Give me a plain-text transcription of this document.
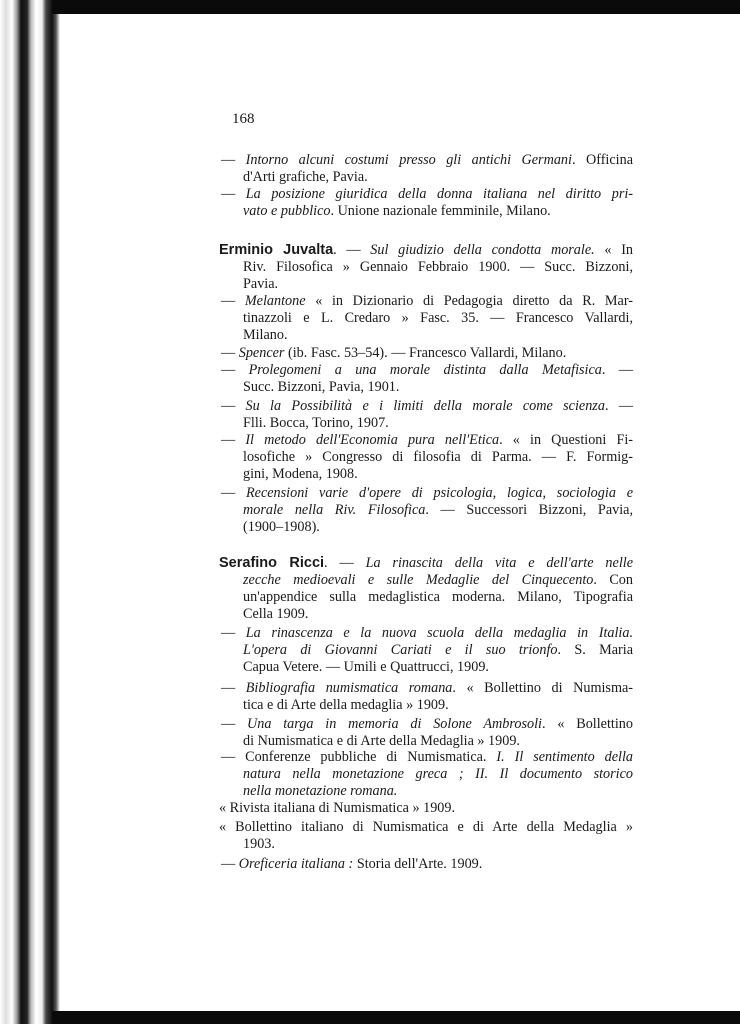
168
— Intorno alcuni costumi presso gli antichi Germani. Officina
d'Arti grafiche, Pavia.
— La posizione giuridica della donna italiana nel diritto pri-
vato e pubblico. Unione nazionale femminile, Milano.
Erminio Juvalta. — Sul giudizio della condotta morale. « In
Riv. Filosofica » Gennaio Febbraio 1900. — Succ. Bizzoni,
Pavia.
— Melantone « in Dizionario di Pedagogia diretto da R. Mar-
tinazzoli e L. Credaro » Fasc. 35. — Francesco Vallardi,
Milano.
— Spencer (ib. Fasc. 53–54). — Francesco Vallardi, Milano.
— Prolegomeni a una morale distinta dalla Metafisica. —
Succ. Bizzoni, Pavia, 1901.
— Su la Possibilità e i limiti della morale come scienza. —
Flli. Bocca, Torino, 1907.
— Il metodo dell'Economia pura nell'Etica. « in Questioni Fi-
losofiche » Congresso di filosofia di Parma. — F. Formig-
gini, Modena, 1908.
— Recensioni varie d'opere di psicologia, logica, sociologia e
morale nella Riv. Filosofica. — Successori Bizzoni, Pavia,
(1900–1908).
Serafino Ricci. — La rinascita della vita e dell'arte nelle
zecche medioevali e sulle Medaglie del Cinquecento. Con
un'appendice sulla medaglistica moderna. Milano, Tipografia
Cella 1909.
— La rinascenza e la nuova scuola della medaglia in Italia.
L'opera di Giovanni Cariati e il suo trionfo. S. Maria
Capua Vetere. — Umili e Quattrucci, 1909.
— Bibliografia numismatica romana. « Bollettino di Numisma-
tica e di Arte della medaglia » 1909.
— Una targa in memoria di Solone Ambrosoli. « Bollettino
di Numismatica e di Arte della Medaglia » 1909.
— Conferenze pubbliche di Numismatica. I. Il sentimento della
natura nella monetazione greca ; II. Il documento storico
nella monetazione romana.
« Rivista italiana di Numismatica » 1909.
« Bollettino italiano di Numismatica e di Arte della Medaglia »
1903.
— Oreficeria italiana : Storia dell'Arte. 1909.
